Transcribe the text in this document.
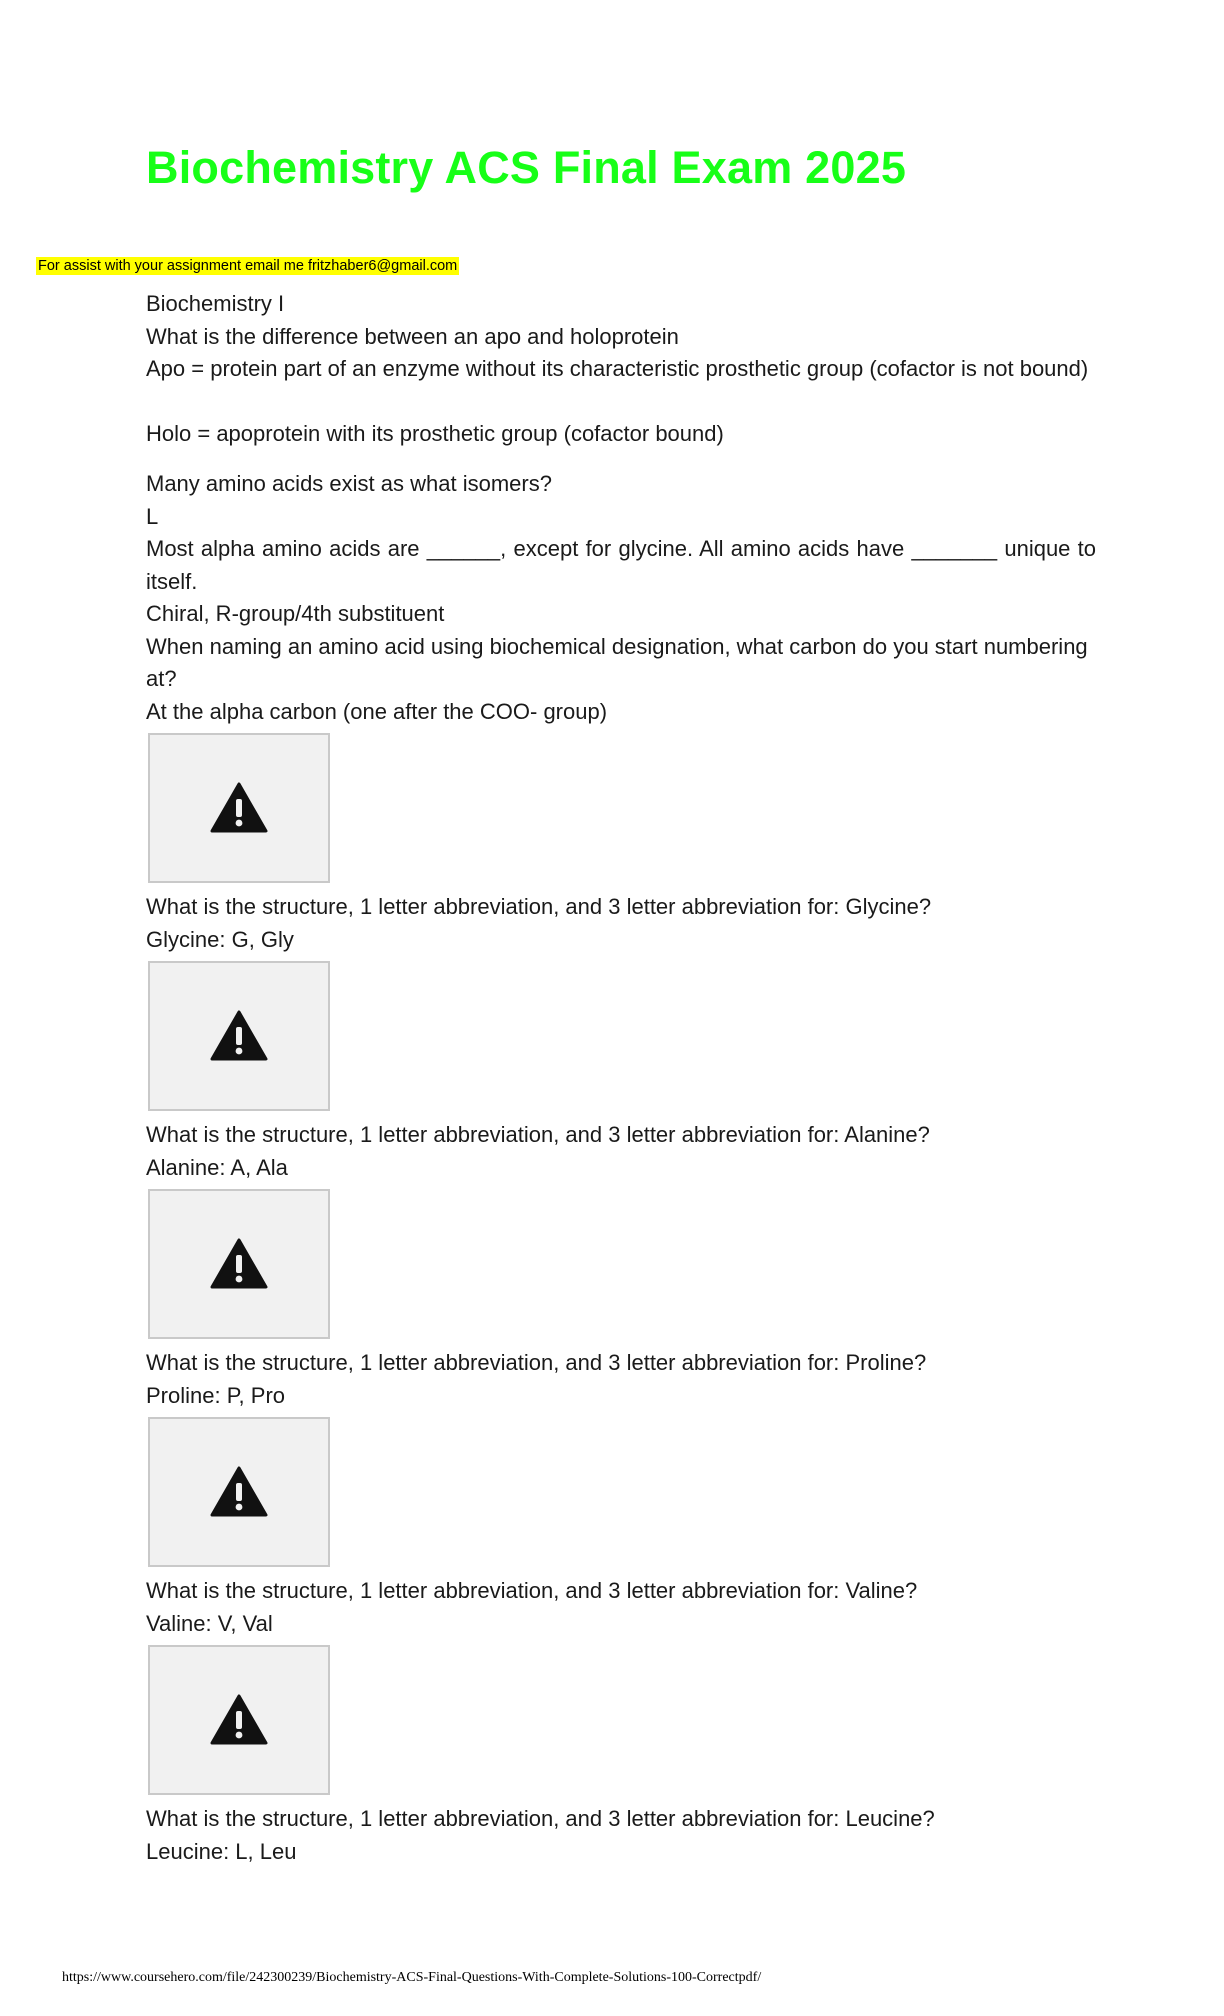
Biochemistry ACS Final Exam 2025
For assist with your assignment email me fritzhaber6@gmail.com

Biochemistry I

What is the difference between an apo and holoprotein

Apo = protein part of an enzyme without its characteristic prosthetic group (cofactor is not bound)

Holo = apoprotein with its prosthetic group (cofactor bound)

Many amino acids exist as what isomers?

L

Most alpha amino acids are ______, except for glycine. All amino acids have _______ unique to itself.

Chiral, R-group/4th substituent

When naming an amino acid using biochemical designation, what carbon do you start numbering at?

At the alpha carbon (one after the COO- group)

What is the structure, 1 letter abbreviation, and 3 letter abbreviation for: Glycine?

Glycine: G, Gly

What is the structure, 1 letter abbreviation, and 3 letter abbreviation for: Alanine?

Alanine: A, Ala

What is the structure, 1 letter abbreviation, and 3 letter abbreviation for: Proline?

Proline: P, Pro

What is the structure, 1 letter abbreviation, and 3 letter abbreviation for: Valine?

Valine: V, Val

What is the structure, 1 letter abbreviation, and 3 letter abbreviation for: Leucine?

Leucine: L, Leu

https://www.coursehero.com/file/242300239/Biochemistry-ACS-Final-Questions-With-Complete-Solutions-100-Correctpdf/
